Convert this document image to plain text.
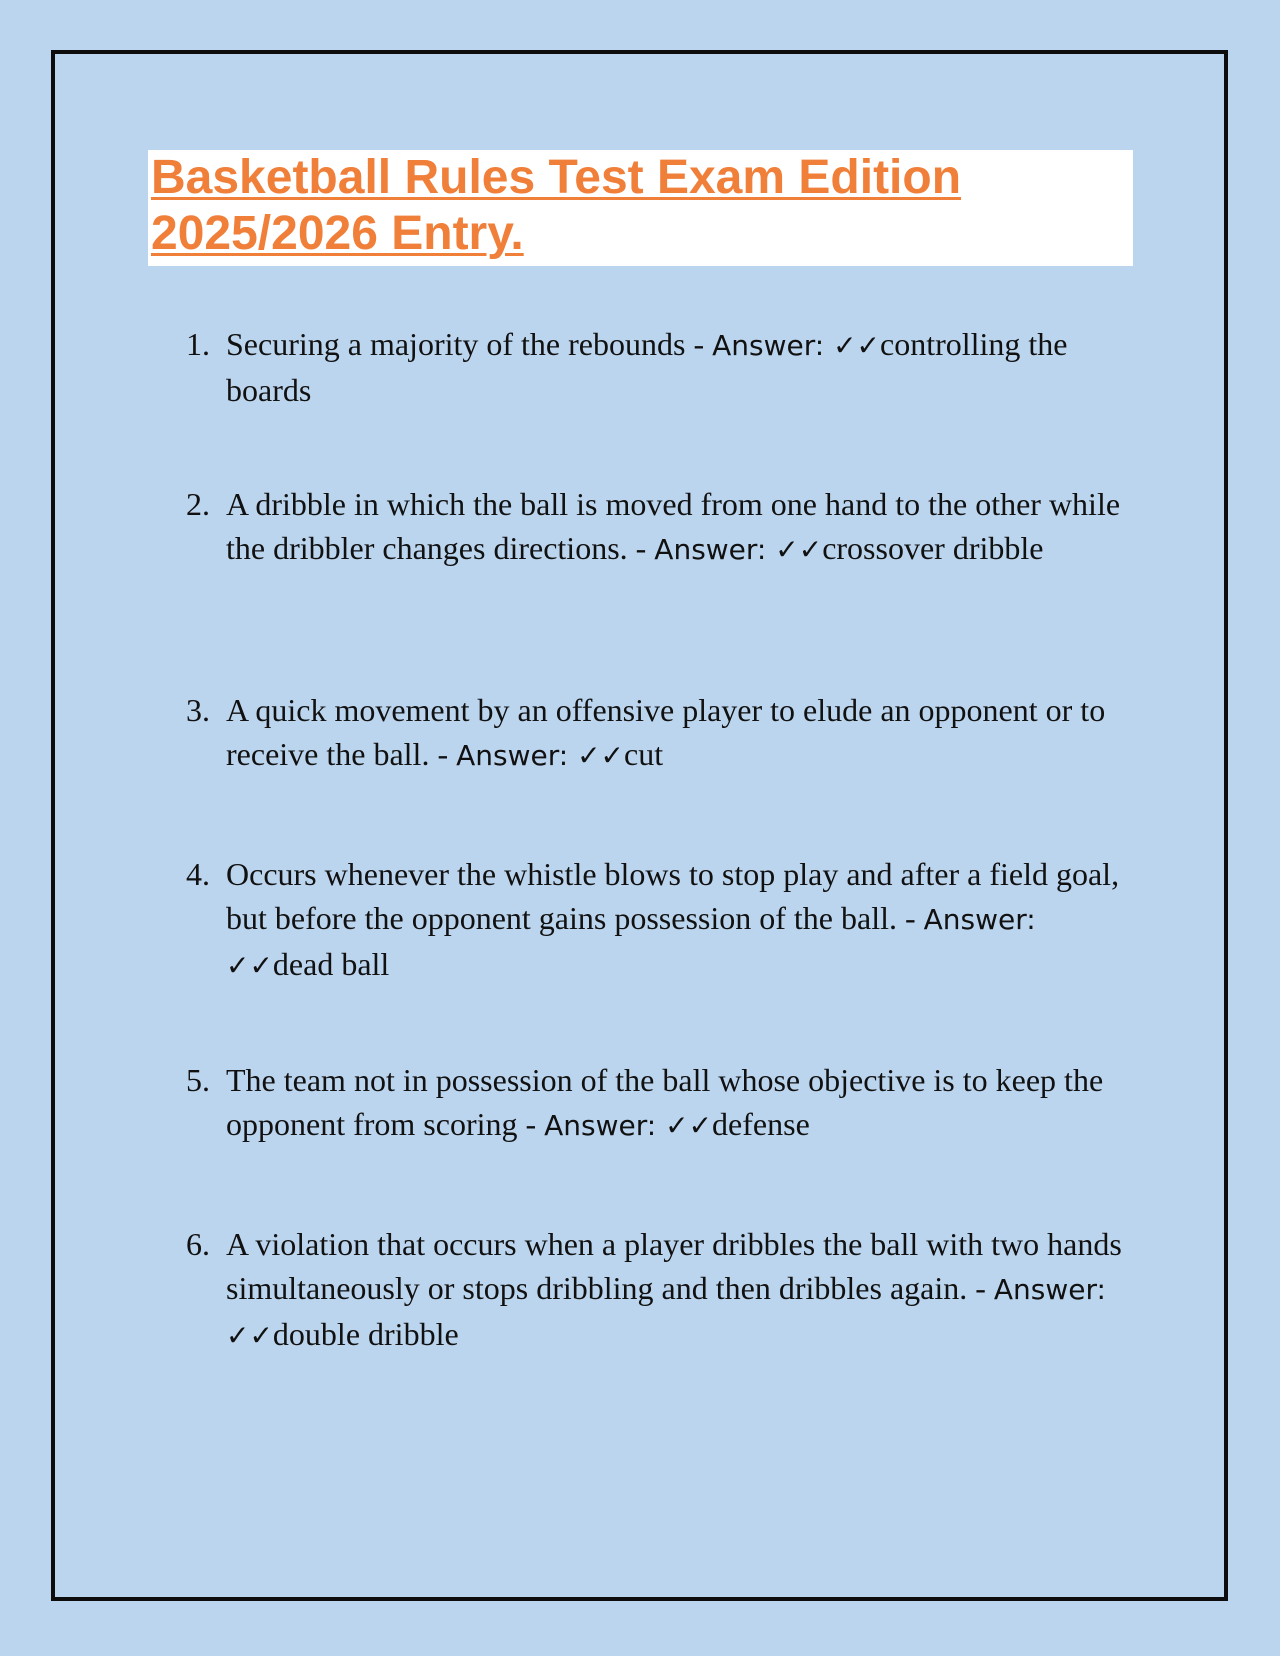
Basketball Rules Test Exam Edition
2025/2026 Entry.
1. Securing a majority of the rebounds - Answer: ✓✓controlling the boards
2. A dribble in which the ball is moved from one hand to the other while the dribbler changes directions. - Answer: ✓✓crossover dribble
3. A quick movement by an offensive player to elude an opponent or to receive the ball. - Answer: ✓✓cut
4. Occurs whenever the whistle blows to stop play and after a field goal, but before the opponent gains possession of the ball. - Answer: ✓✓dead ball
5. The team not in possession of the ball whose objective is to keep the opponent from scoring - Answer: ✓✓defense
6. A violation that occurs when a player dribbles the ball with two hands simultaneously or stops dribbling and then dribbles again. - Answer: ✓✓double dribble
